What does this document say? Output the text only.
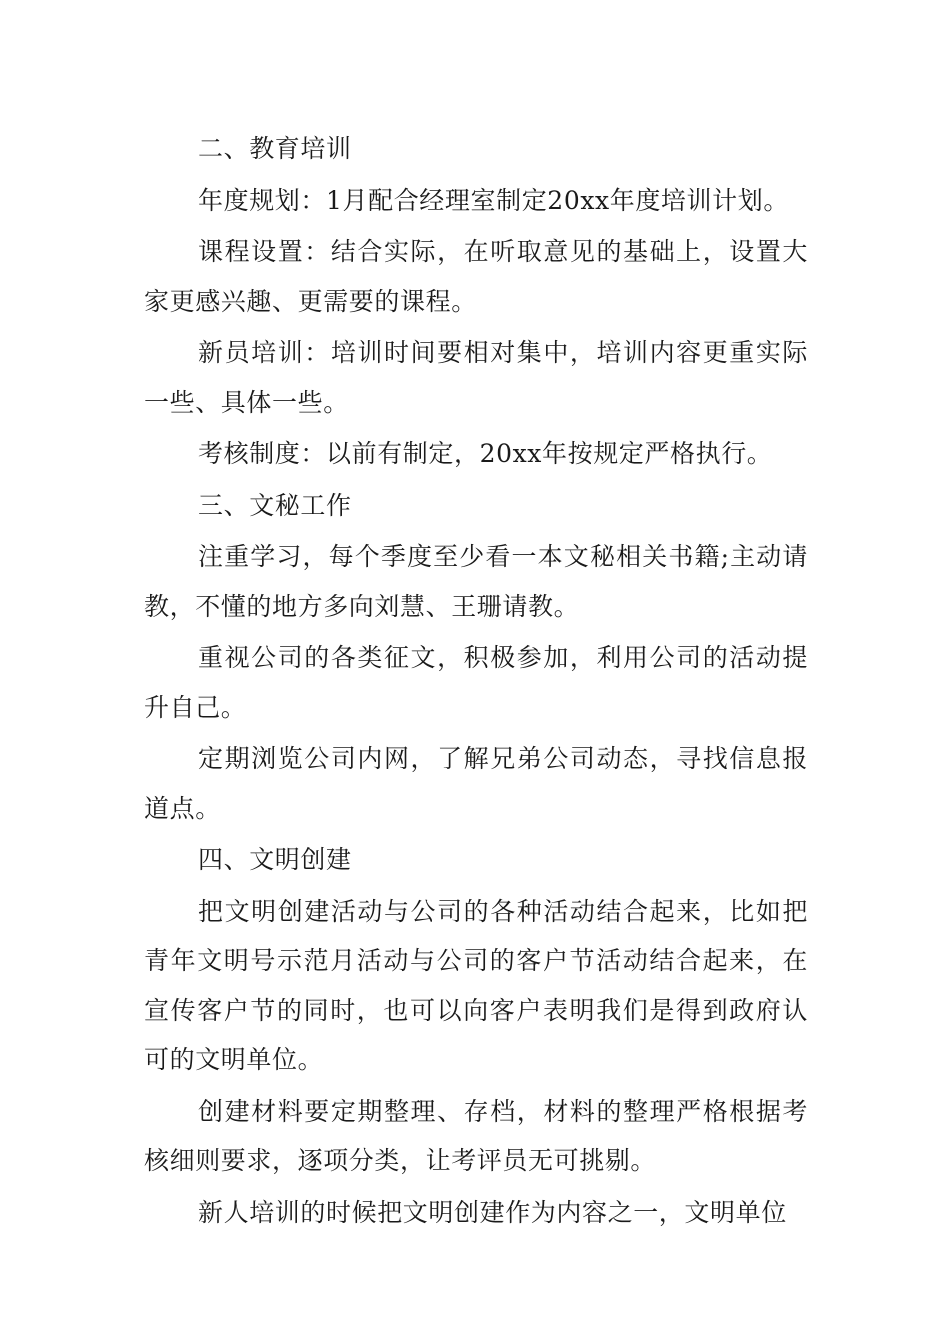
二、教育培训

年度规划：1月配合经理室制定20xx年度培训计划。

课程设置：结合实际，在听取意见的基础上，设置大家更感兴趣、更需要的课程。

新员培训：培训时间要相对集中，培训内容更重实际一些、具体一些。

考核制度：以前有制定，20xx年按规定严格执行。

三、文秘工作

注重学习，每个季度至少看一本文秘相关书籍;主动请教，不懂的地方多向刘慧、王珊请教。

重视公司的各类征文，积极参加，利用公司的活动提升自己。

定期浏览公司内网，了解兄弟公司动态，寻找信息报道点。

四、文明创建

把文明创建活动与公司的各种活动结合起来，比如把青年文明号示范月活动与公司的客户节活动结合起来，在宣传客户节的同时，也可以向客户表明我们是得到政府认可的文明单位。

创建材料要定期整理、存档，材料的整理严格根据考核细则要求，逐项分类，让考评员无可挑剔。

新人培训的时候把文明创建作为内容之一，文明单位
